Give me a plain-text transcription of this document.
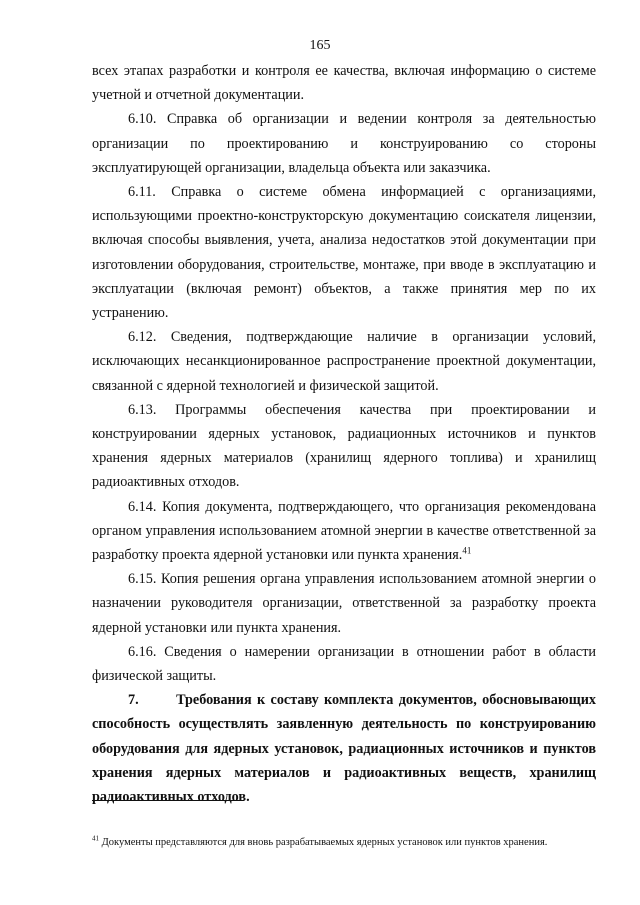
165

всех этапах разработки и контроля ее качества, включая информацию о системе учетной и отчетной документации.

6.10. Справка об организации и ведении контроля за деятельностью организации по проектированию и конструированию со стороны эксплуатирующей организации, владельца объекта или заказчика.

6.11. Справка о системе обмена информацией с организациями, использующими проектно-конструкторскую документацию соискателя лицензии, включая способы выявления, учета, анализа недостатков этой документации при изготовлении оборудования, строительстве, монтаже, при вводе в эксплуатацию и эксплуатации (включая ремонт) объектов, а также принятия мер по их устранению.

6.12. Сведения, подтверждающие наличие в организации условий, исключающих несанкционированное распространение проектной документации, связанной с ядерной технологией и физической защитой.

6.13. Программы обеспечения качества при проектировании и конструировании ядерных установок, радиационных источников и пунктов хранения ядерных материалов (хранилищ ядерного топлива) и хранилищ радиоактивных отходов.

6.14. Копия документа, подтверждающего, что организация рекомендована органом управления использованием атомной энергии в качестве ответственной за разработку проекта ядерной установки или пункта хранения.$^{41}$

6.15. Копия решения органа управления использованием атомной энергии о назначении руководителя организации, ответственной за разработку проекта ядерной установки или пункта хранения.

6.16. Сведения о намерении организации в отношении работ в области физической защиты.

7.       Требования к составу комплекта документов, обосновывающих способность осуществлять заявленную деятельность по конструированию оборудования для ядерных установок, радиационных источников и пунктов хранения ядерных материалов и радиоактивных веществ, хранилищ радиоактивных отходов.

$^{41}$ Документы представляются для вновь разрабатываемых ядерных установок или пунктов хранения.
